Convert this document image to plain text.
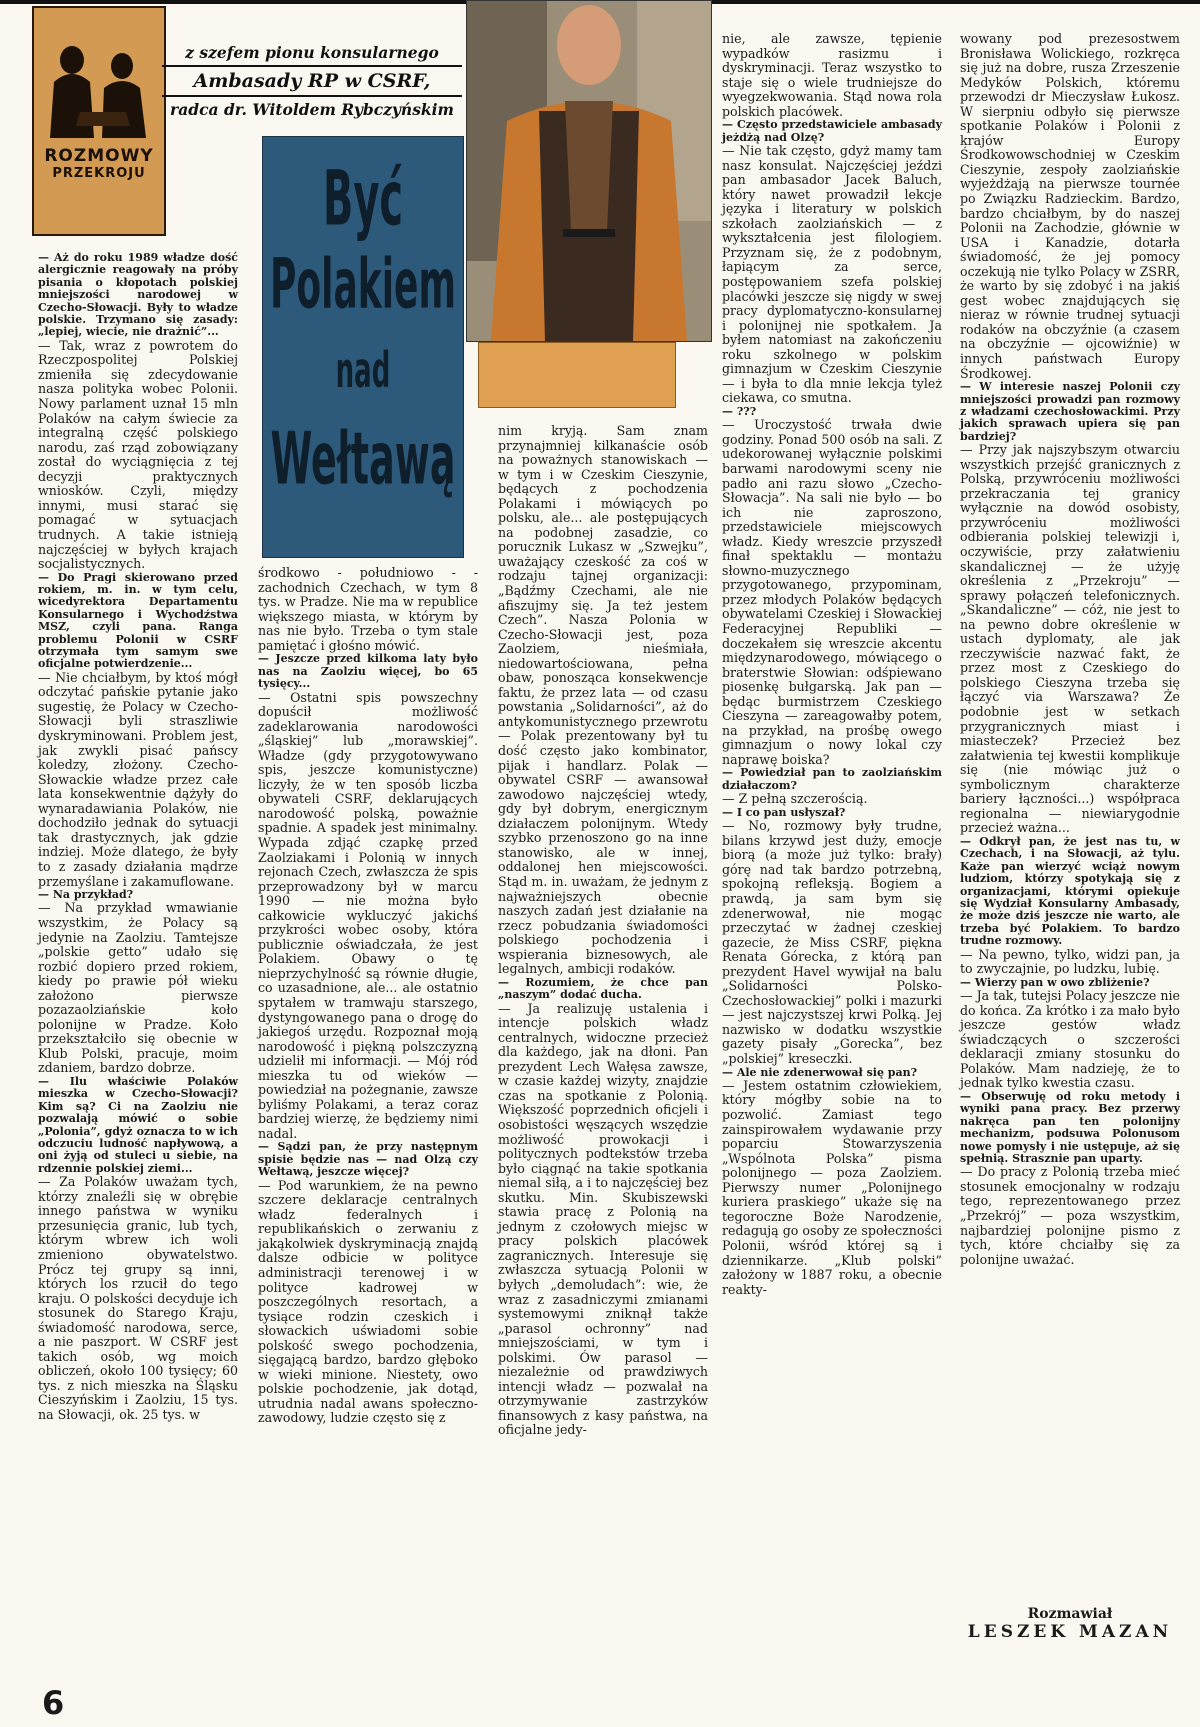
ROZMOWY
PRZEKROJU
z szefem pionu konsularnego
Ambasady RP w CSRF,
radca dr. Witoldem Rybczyńskim
Być
Polakiem
nad
Wełtawą

— Aż do roku 1989 władze dość alergicznie reagowały na próby pisania o kłopotach polskiej mniejszości narodowej w Czecho-Słowacji. Były to władze polskie. Trzymano się zasady: „lepiej, wiecie, nie drażnić”...

— Tak, wraz z powrotem do Rzeczpospolitej Polskiej zmieniła się zdecydowanie nasza polityka wobec Polonii. Nowy parlament uznał 15 mln Polaków na całym świecie za integralną część polskiego narodu, zaś rząd zobowiązany został do wyciągnięcia z tej decyzji praktycznych wniosków. Czyli, między innymi, musi starać się pomagać w sytuacjach trudnych. A takie istnieją najczęściej w byłych krajach socjalistycznych.

— Do Pragi skierowano przed rokiem, m. in. w tym celu, wicedyrektora Departamentu Konsularnego i Wychodźstwa MSZ, czyli pana. Ranga problemu Polonii w CSRF otrzymała tym samym swe oficjalne potwierdzenie...

— Nie chciałbym, by ktoś mógł odczytać pańskie pytanie jako sugestię, że Polacy w Czecho-Słowacji byli straszliwie dyskryminowani. Problem jest, jak zwykli pisać pańscy koledzy, złożony. Czecho-Słowackie władze przez całe lata konsekwentnie dążyły do wynaradawiania Polaków, nie dochodziło jednak do sytuacji tak drastycznych, jak gdzie indziej. Może dlatego, że były to z zasady działania mądrze przemyślane i zakamuflowane.

— Na przykład?

— Na przykład wmawianie wszystkim, że Polacy są jedynie na Zaolziu. Tamtejsze „polskie getto” udało się rozbić dopiero przed rokiem, kiedy po prawie pół wieku założono pierwsze pozazaolziańskie koło polonijne w Pradze. Koło przekształciło się obecnie w Klub Polski, pracuje, moim zdaniem, bardzo dobrze.

— Ilu właściwie Polaków mieszka w Czecho-Słowacji? Kim są? Ci na Zaolziu nie pozwalają mówić o sobie „Polonia”, gdyż oznacza to w ich odczuciu ludność napływową, a oni żyją od stuleci u siebie, na rdzennie polskiej ziemi...

— Za Polaków uważam tych, którzy znaleźli się w obrębie innego państwa w wyniku przesunięcia granic, lub tych, którym wbrew ich woli zmieniono obywatelstwo. Prócz tej grupy są inni, których los rzucił do tego kraju. O polskości decyduje ich stosunek do Starego Kraju, świadomość narodowa, serce, a nie paszport. W CSRF jest takich osób, wg moich obliczeń, około 100 tysięcy; 60 tys. z nich mieszka na Śląsku Cieszyńskim i Zaolziu, 15 tys. na Słowacji, ok. 25 tys. w

środkowo - południowo - - zachodnich Czechach, w tym 8 tys. w Pradze. Nie ma w republice większego miasta, w którym by nas nie było. Trzeba o tym stale pamiętać i głośno mówić.

— Jeszcze przed kilkoma laty było nas na Zaolziu więcej, bo 65 tysięcy...

— Ostatni spis powszechny dopuścił możliwość zadeklarowania narodowości „śląskiej” lub „morawskiej”. Władze (gdy przygotowywano spis, jeszcze komunistyczne) liczyły, że w ten sposób liczba obywateli CSRF, deklarujących narodowość polską, poważnie spadnie. A spadek jest minimalny. Wypada zdjąć czapkę przed Zaolziakami i Polonią w innych rejonach Czech, zwłaszcza że spis przeprowadzony był w marcu 1990 — nie można było całkowicie wykluczyć jakichś przykrości wobec osoby, która publicznie oświadczała, że jest Polakiem. Obawy o tę nieprzychylność są równie długie, co uzasadnione, ale... ale ostatnio spytałem w tramwaju starszego, dystyngowanego pana o drogę do jakiegoś urzędu. Rozpoznał moją narodowość i piękną polszczyzną udzielił mi informacji. — Mój ród mieszka tu od wieków — powiedział na pożegnanie, zawsze byliśmy Polakami, a teraz coraz bardziej wierzę, że będziemy nimi nadal.

— Sądzi pan, że przy następnym spisie będzie nas — nad Olzą czy Wełtawą, jeszcze więcej?

— Pod warunkiem, że na pewno szczere deklaracje centralnych władz federalnych i republikańskich o zerwaniu z jakąkolwiek dyskryminacją znajdą dalsze odbicie w polityce administracji terenowej i w polityce kadrowej w poszczególnych resortach, a tysiące rodzin czeskich i słowackich uświadomi sobie polskość swego pochodzenia, sięgającą bardzo, bardzo głęboko w wieki minione. Niestety, owo polskie pochodzenie, jak dotąd, utrudnia nadal awans społeczno-zawodowy, ludzie często się z

nim kryją. Sam znam przynajmniej kilkanaście osób na poważnych stanowiskach — w tym i w Czeskim Cieszynie, będących z pochodzenia Polakami i mówiących po polsku, ale... ale postępujących na podobnej zasadzie, co porucznik Lukasz w „Szwejku”, uważający czeskość za coś w rodzaju tajnej organizacji: „Bądźmy Czechami, ale nie afiszujmy się. Ja też jestem Czech”. Nasza Polonia w Czecho-Słowacji jest, poza Zaolziem, nieśmiała, niedowartościowana, pełna obaw, ponosząca konsekwencje faktu, że przez lata — od czasu powstania „Solidarności”, aż do antykomunistycznego przewrotu — Polak prezentowany był tu dość często jako kombinator, pijak i handlarz. Polak — obywatel CSRF — awansował zawodowo najczęściej wtedy, gdy był dobrym, energicznym działaczem polonijnym. Wtedy szybko przenoszono go na inne stanowisko, ale w innej, oddalonej hen miejscowości. Stąd m. in. uważam, że jednym z najważniejszych obecnie naszych zadań jest działanie na rzecz pobudzania świadomości polskiego pochodzenia i wspierania biznesowych, ale legalnych, ambicji rodaków.

— Rozumiem, że chce pan „naszym” dodać ducha.

— Ja realizuję ustalenia i intencje polskich władz centralnych, widoczne przecież dla każdego, jak na dłoni. Pan prezydent Lech Wałęsa zawsze, w czasie każdej wizyty, znajdzie czas na spotkanie z Polonią. Większość poprzednich oficjeli i osobistości węszących wszędzie możliwość prowokacji i politycznych podtekstów trzeba było ciągnąć na takie spotkania niemal siłą, a i to najczęściej bez skutku. Min. Skubiszewski stawia pracę z Polonią na jednym z czołowych miejsc w pracy polskich placówek zagranicznych. Interesuje się zwłaszcza sytuacją Polonii w byłych „demoludach”: wie, że wraz z zasadniczymi zmianami systemowymi zniknął także „parasol ochronny” nad mniejszościami, w tym i polskimi. Ów parasol — niezależnie od prawdziwych intencji władz — pozwalał na otrzymywanie zastrzyków finansowych z kasy państwa, na oficjalne jedy-

nie, ale zawsze, tępienie wypadków rasizmu i dyskryminacji. Teraz wszystko to staje się o wiele trudniejsze do wyegzekwowania. Stąd nowa rola polskich placówek.

— Często przedstawiciele ambasady jeżdżą nad Olzę?

— Nie tak często, gdyż mamy tam nasz konsulat. Najczęściej jeździ pan ambasador Jacek Baluch, który nawet prowadził lekcje języka i literatury w polskich szkołach zaolziańskich — z wykształcenia jest filologiem. Przyznam się, że z podobnym, łapiącym za serce, postępowaniem szefa polskiej placówki jeszcze się nigdy w swej pracy dyplomatyczno-konsularnej i polonijnej nie spotkałem. Ja byłem natomiast na zakończeniu roku szkolnego w polskim gimnazjum w Czeskim Cieszynie — i była to dla mnie lekcja tyleż ciekawa, co smutna.

— ???

— Uroczystość trwała dwie godziny. Ponad 500 osób na sali. Z udekorowanej wyłącznie polskimi barwami narodowymi sceny nie padło ani razu słowo „Czecho-Słowacja”. Na sali nie było — bo ich nie zaproszono, przedstawiciele miejscowych władz. Kiedy wreszcie przyszedł finał spektaklu — montażu słowno-muzycznego przygotowanego, przypominam, przez młodych Polaków będących obywatelami Czeskiej i Słowackiej Federacyjnej Republiki — doczekałem się wreszcie akcentu międzynarodowego, mówiącego o braterstwie Słowian: odśpiewano piosenkę bułgarską. Jak pan — będąc burmistrzem Czeskiego Cieszyna — zareagowałby potem, na przykład, na prośbę owego gimnazjum o nowy lokal czy naprawę boiska?

— Powiedział pan to zaolziańskim działaczom?

— Z pełną szczerością.

— I co pan usłyszał?

— No, rozmowy były trudne, bilans krzywd jest duży, emocje biorą (a może już tylko: brały) górę nad tak bardzo potrzebną, spokojną refleksją. Bogiem a prawdą, ja sam bym się zdenerwował, nie mogąc przeczytać w żadnej czeskiej gazecie, że Miss CSRF, piękna Renata Górecka, z którą pan prezydent Havel wywijał na balu „Solidarności Polsko-Czechosłowackiej” polki i mazurki — jest najczystszej krwi Polką. Jej nazwisko w dodatku wszystkie gazety pisały „Gorecka”, bez „polskiej” kreseczki.

— Ale nie zdenerwował się pan?

— Jestem ostatnim człowiekiem, który mógłby sobie na to pozwolić. Zamiast tego zainspirowałem wydawanie przy poparciu Stowarzyszenia „Wspólnota Polska” pisma polonijnego — poza Zaolziem. Pierwszy numer „Polonijnego kuriera praskiego” ukaże się na tegoroczne Boże Narodzenie, redagują go osoby ze społeczności Polonii, wśród której są i dziennikarze. „Klub polski” założony w 1887 roku, a obecnie reakty-

wowany pod prezesostwem Bronisława Wolickiego, rozkręca się już na dobre, rusza Zrzeszenie Medyków Polskich, któremu przewodzi dr Mieczysław Łukosz. W sierpniu odbyło się pierwsze spotkanie Polaków i Polonii z krajów Europy Środkowowschodniej w Czeskim Cieszynie, zespoły zaolziańskie wyjeżdżają na pierwsze tournée po Związku Radzieckim. Bardzo, bardzo chciałbym, by do naszej Polonii na Zachodzie, głównie w USA i Kanadzie, dotarła świadomość, że jej pomocy oczekują nie tylko Polacy w ZSRR, że warto by się zdobyć i na jakiś gest wobec znajdujących się nieraz w równie trudnej sytuacji rodaków na obczyźnie (a czasem na obczyźnie — ojcowiźnie) w innych państwach Europy Środkowej.

— W interesie naszej Polonii czy mniejszości prowadzi pan rozmowy z władzami czechosłowackimi. Przy jakich sprawach upiera się pan bardziej?

— Przy jak najszybszym otwarciu wszystkich przejść granicznych z Polską, przywróceniu możliwości przekraczania tej granicy wyłącznie na dowód osobisty, przywróceniu możliwości odbierania polskiej telewizji i, oczywiście, przy załatwieniu skandalicznej — że użyję określenia z „Przekroju” — sprawy połączeń telefonicznych. „Skandaliczne” — cóż, nie jest to na pewno dobre określenie w ustach dyplomaty, ale jak rzeczywiście nazwać fakt, że przez most z Czeskiego do polskiego Cieszyna trzeba się łączyć via Warszawa? Że podobnie jest w setkach przygranicznych miast i miasteczek? Przecież bez załatwienia tej kwestii komplikuje się (nie mówiąc już o symbolicznym charakterze bariery łączności...) współpraca regionalna — niewiarygodnie przecież ważna...

— Odkrył pan, że jest nas tu, w Czechach, i na Słowacji, aż tylu. Każe pan wierzyć wciąż nowym ludziom, którzy spotykają się z organizacjami, którymi opiekuje się Wydział Konsularny Ambasady, że może dziś jeszcze nie warto, ale trzeba być Polakiem. To bardzo trudne rozmowy.

— Na pewno, tylko, widzi pan, ja to zwyczajnie, po ludzku, lubię.

— Wierzy pan w owo zbliżenie?

— Ja tak, tutejsi Polacy jeszcze nie do końca. Za krótko i za mało było jeszcze gestów władz świadczących o szczerości deklaracji zmiany stosunku do Polaków. Mam nadzieję, że to jednak tylko kwestia czasu.

— Obserwuję od roku metody i wyniki pana pracy. Bez przerwy nakręca pan ten polonijny mechanizm, podsuwa Polonusom nowe pomysły i nie ustępuje, aż się spełnią. Strasznie pan uparty.

— Do pracy z Polonią trzeba mieć stosunek emocjonalny w rodzaju tego, reprezentowanego przez „Przekrój” — poza wszystkim, najbardziej polonijne pismo z tych, które chciałby się za polonijne uważać.

Rozmawiał
LESZEK MAZAN
6
